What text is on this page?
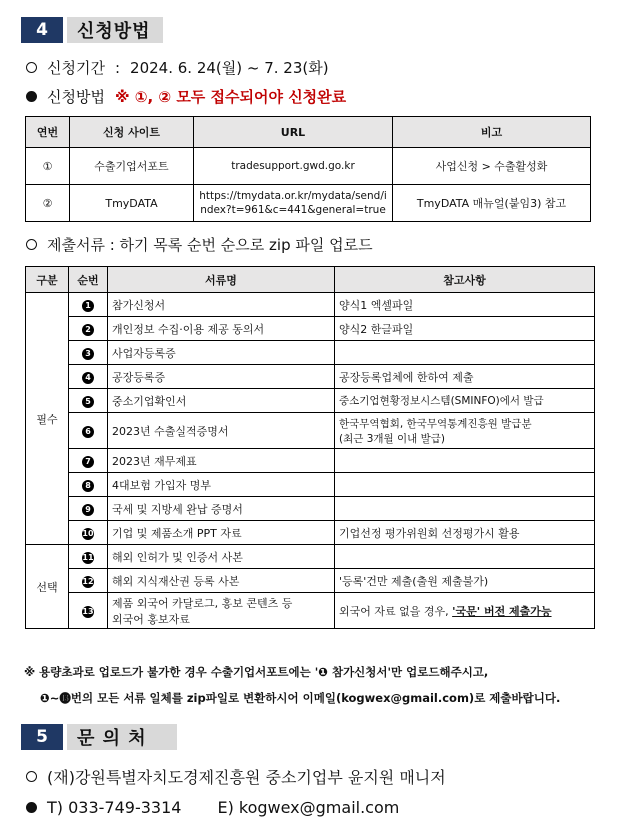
4	신청방법
신청기간 : 2024. 6. 24(월) ~ 7. 23(화)
신청방법 ※ ①, ② 모두 접수되어야 신청완료
연번	신청 사이트	URL	비고
①	수출기업서포트	tradesupport.gwd.go.kr	사업신청 > 수출활성화
②	TmyDATA	https://tmydata.or.kr/mydata/send/i
ndex?t=961&c=441&general=true	TmyDATA 매뉴얼(붙임3) 참고
제출서류 : 하기 목록 순번 순으로 zip 파일 업로드
구분	순번	서류명	참고사항
필수	1	참가신청서	양식1 엑셀파일
	2	개인정보 수집·이용 제공 동의서	양식2 한글파일
	3	사업자등록증	
	4	공장등록증	공장등록업체에 한하여 제출
	5	중소기업확인서	중소기업현황정보시스템(SMINFO)에서 발급
	6	2023년 수출실적증명서	한국무역협회, 한국무역통계진흥원 발급분
(최근 3개월 이내 발급)

	7	2023년 재무제표	
	8	4대보험 가입자 명부	
	9	국세 및 지방세 완납 증명서	
	10	기업 및 제품소개 PPT 자료	기업선정 평가위원회 선정평가시 활용
선택	11	해외 인허가 및 인증서 사본	
	12	해외 지식재산권 등록 사본	'등록'건만 제출(출원 제출불가)
	13	제품 외국어 카달로그, 홍보 콘텐츠 등
외국어 홍보자료	외국어 자료 없을 경우, '국문' 버전 제출가능
※ 용량초과로 업로드가 불가한 경우 수출기업서포트에는 '❶ 참가신청서'만 업로드해주시고,
❶~⓭번의 모든 서류 일체를 zip파일로 변환하시어 이메일(kogwex@gmail.com)로 제출바랍니다.
5	문 의 처
(재)강원특별자치도경제진흥원 중소기업부 윤지원 매니저
T) 033-749-3314 E) kogwex@gmail.com
